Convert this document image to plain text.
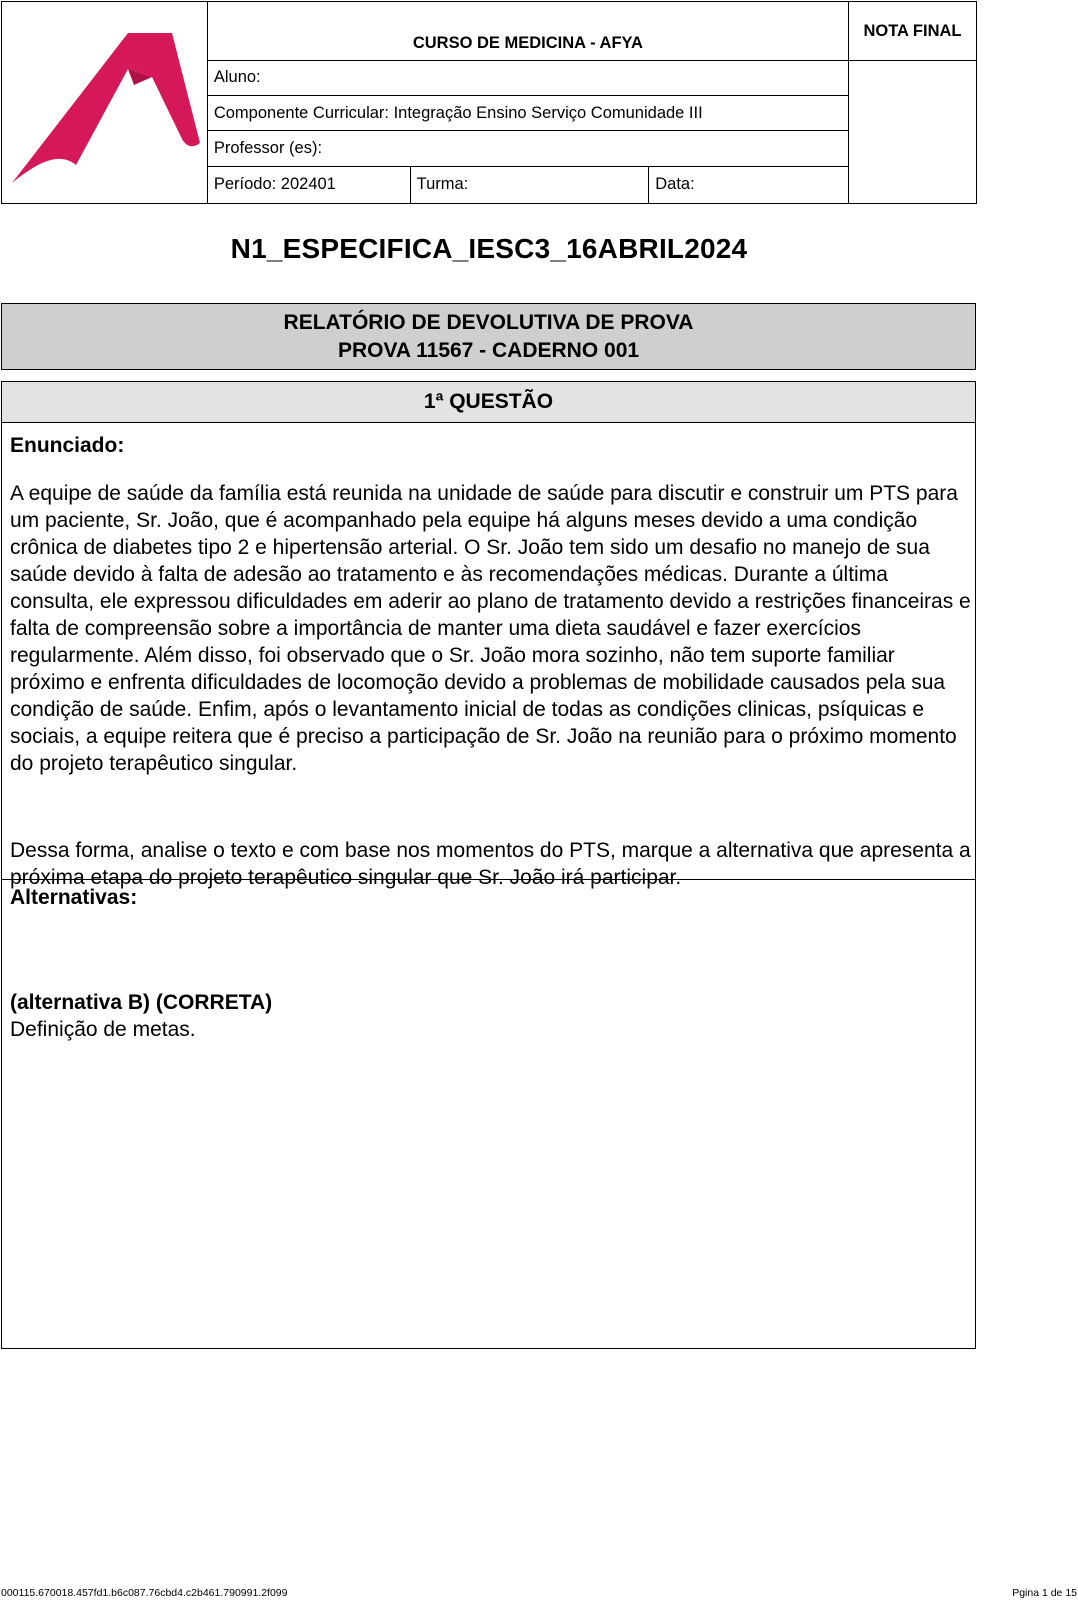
	CURSO DE MEDICINA - AFYA			NOTA FINAL
	Aluno:			
	Componente Curricular: Integração Ensino Serviço Comunidade III			
	Professor (es):			
	Período: 202401	Turma:	Data:	
N1_ESPECIFICA_IESC3_16ABRIL2024
RELATÓRIO DE DEVOLUTIVA DE PROVA
PROVA 11567 - CADERNO 001
1ª QUESTÃO
Enunciado:
A equipe de saúde da família está reunida na unidade de saúde para discutir e construir um PTS para um paciente, Sr. João, que é acompanhado pela equipe há alguns meses devido a uma condição crônica de diabetes tipo 2 e hipertensão arterial. O Sr. João tem sido um desafio no manejo de sua saúde devido à falta de adesão ao tratamento e às recomendações médicas. Durante a última consulta, ele expressou dificuldades em aderir ao plano de tratamento devido a restrições financeiras e falta de compreensão sobre a importância de manter uma dieta saudável e fazer exercícios regularmente. Além disso, foi observado que o Sr. João mora sozinho, não tem suporte familiar próximo e enfrenta dificuldades de locomoção devido a problemas de mobilidade causados pela sua condição de saúde. Enfim, após o levantamento inicial de todas as condições clinicas, psíquicas e sociais, a equipe reitera que é preciso a participação de Sr. João na reunião para o próximo momento do projeto terapêutico singular.
Dessa forma, analise o texto e com base nos momentos do PTS, marque a alternativa que apresenta a próxima etapa do projeto terapêutico singular que Sr. João irá participar.
Alternativas:
(alternativa B) (CORRETA)
Definição de metas.
000115.670018.457fd1.b6c087.76cbd4.c2b461.790991.2f099	Pgina 1 de 15
